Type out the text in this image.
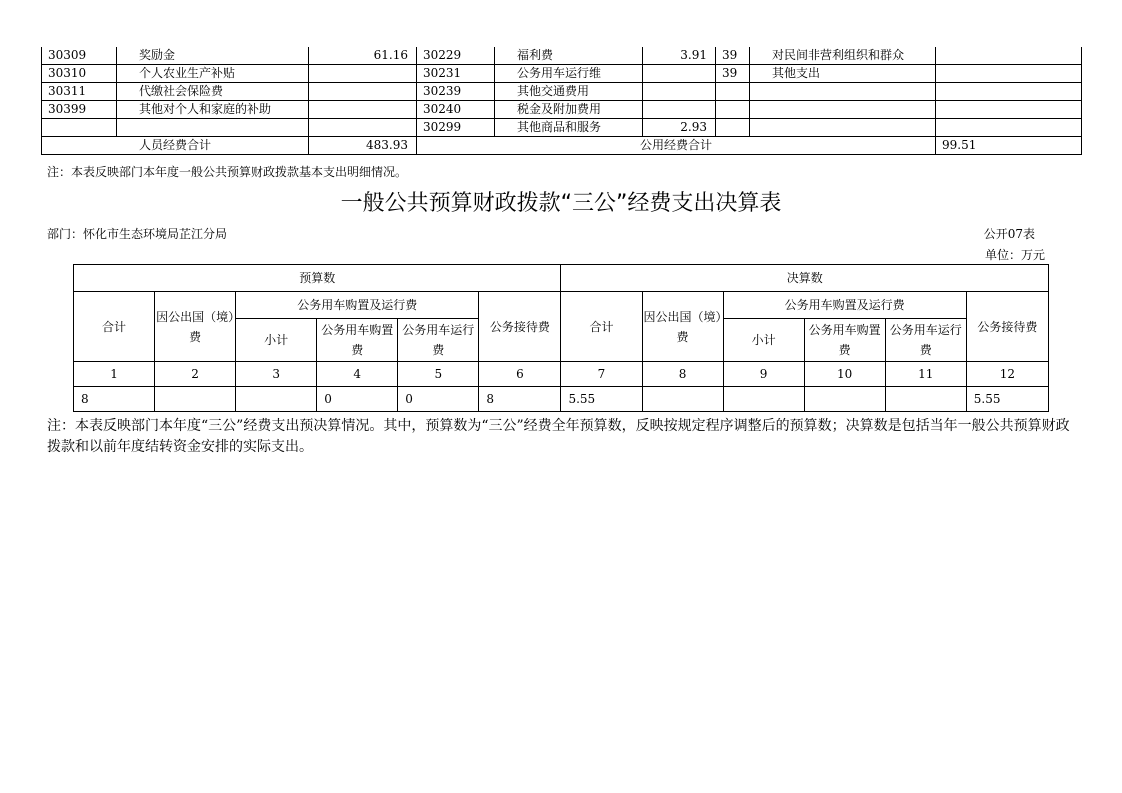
30309	奖励金	61.16	30229	福利费	3.91	39	对民间非营利组织和群众	
30310	个人农业生产补贴		30231	公务用车运行维		39	其他支出	
30311	代缴社会保险费		30239	其他交通费用				
30399	其他对个人和家庭的补助		30240	税金及附加费用				
			30299	其他商品和服务	2.93			
人员经费合计		483.93	公用经费合计					99.51
注：本表反映部门本年度一般公共预算财政拨款基本支出明细情况。
一般公共预算财政拨款“三公”经费支出决算表
部门：怀化市生态环境局芷江分局	公开07表
单位：万元
预算数						决算数					
合计	因公出国（境）费	公务用车购置及运行费			公务接待费	合计	因公出国（境）费	公务用车购置及运行费			公务接待费
		小计	公务用车购置费	公务用车运行费				小计	公务用车购置费	公务用车运行费	
1	2	3	4	5	6	7	8	9	10	11	12
8			0	0	8	5.55					5.55
注：本表反映部门本年度“三公”经费支出预决算情况。其中，预算数为“三公”经费全年预算数，反映按规定程序调整后的预算数；决算数是包括当年一般公共预算财政拨款和以前年度结转资金安排的实际支出。
